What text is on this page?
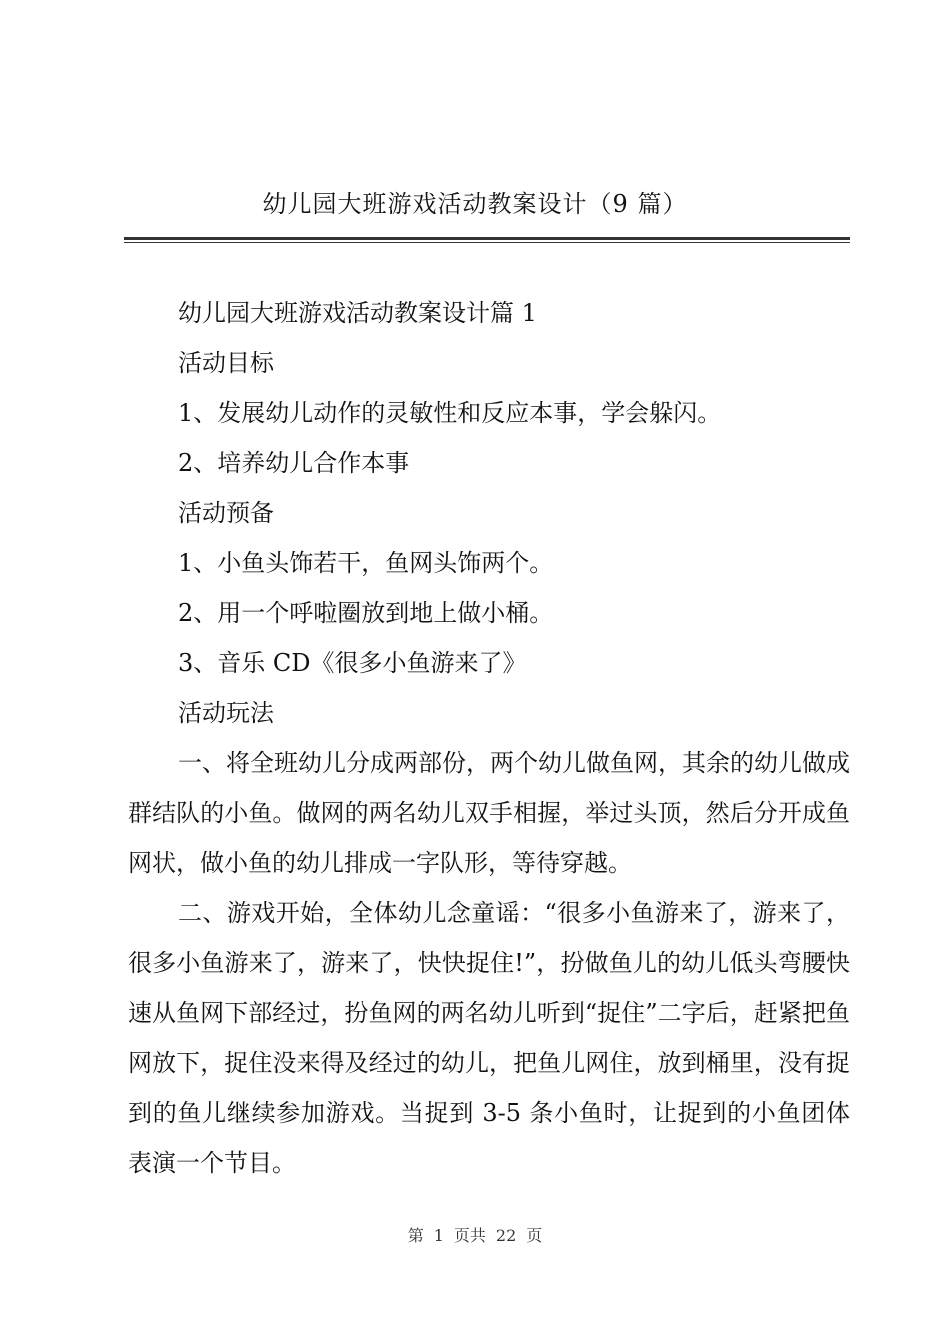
幼儿园大班游戏活动教案设计（9 篇）
幼儿园大班游戏活动教案设计篇 1
活动目标
1、发展幼儿动作的灵敏性和反应本事，学会躲闪。
2、培养幼儿合作本事
活动预备
1、小鱼头饰若干，鱼网头饰两个。
2、用一个呼啦圈放到地上做小桶。
3、音乐 CD《很多小鱼游来了》
活动玩法

一、将全班幼儿分成两部份，两个幼儿做鱼网，其余的幼儿做成群结队的小鱼。做网的两名幼儿双手相握，举过头顶，然后分开成鱼网状，做小鱼的幼儿排成一字队形，等待穿越。

二、游戏开始，全体幼儿念童谣：“很多小鱼游来了，游来了，很多小鱼游来了，游来了，快快捉住!”，扮做鱼儿的幼儿低头弯腰快速从鱼网下部经过，扮鱼网的两名幼儿听到“捉住”二字后，赶紧把鱼网放下，捉住没来得及经过的幼儿，把鱼儿网住，放到桶里，没有捉到的鱼儿继续参加游戏。当捉到 3-5 条小鱼时，让捉到的小鱼团体表演一个节目。

第 1 页共 22 页
